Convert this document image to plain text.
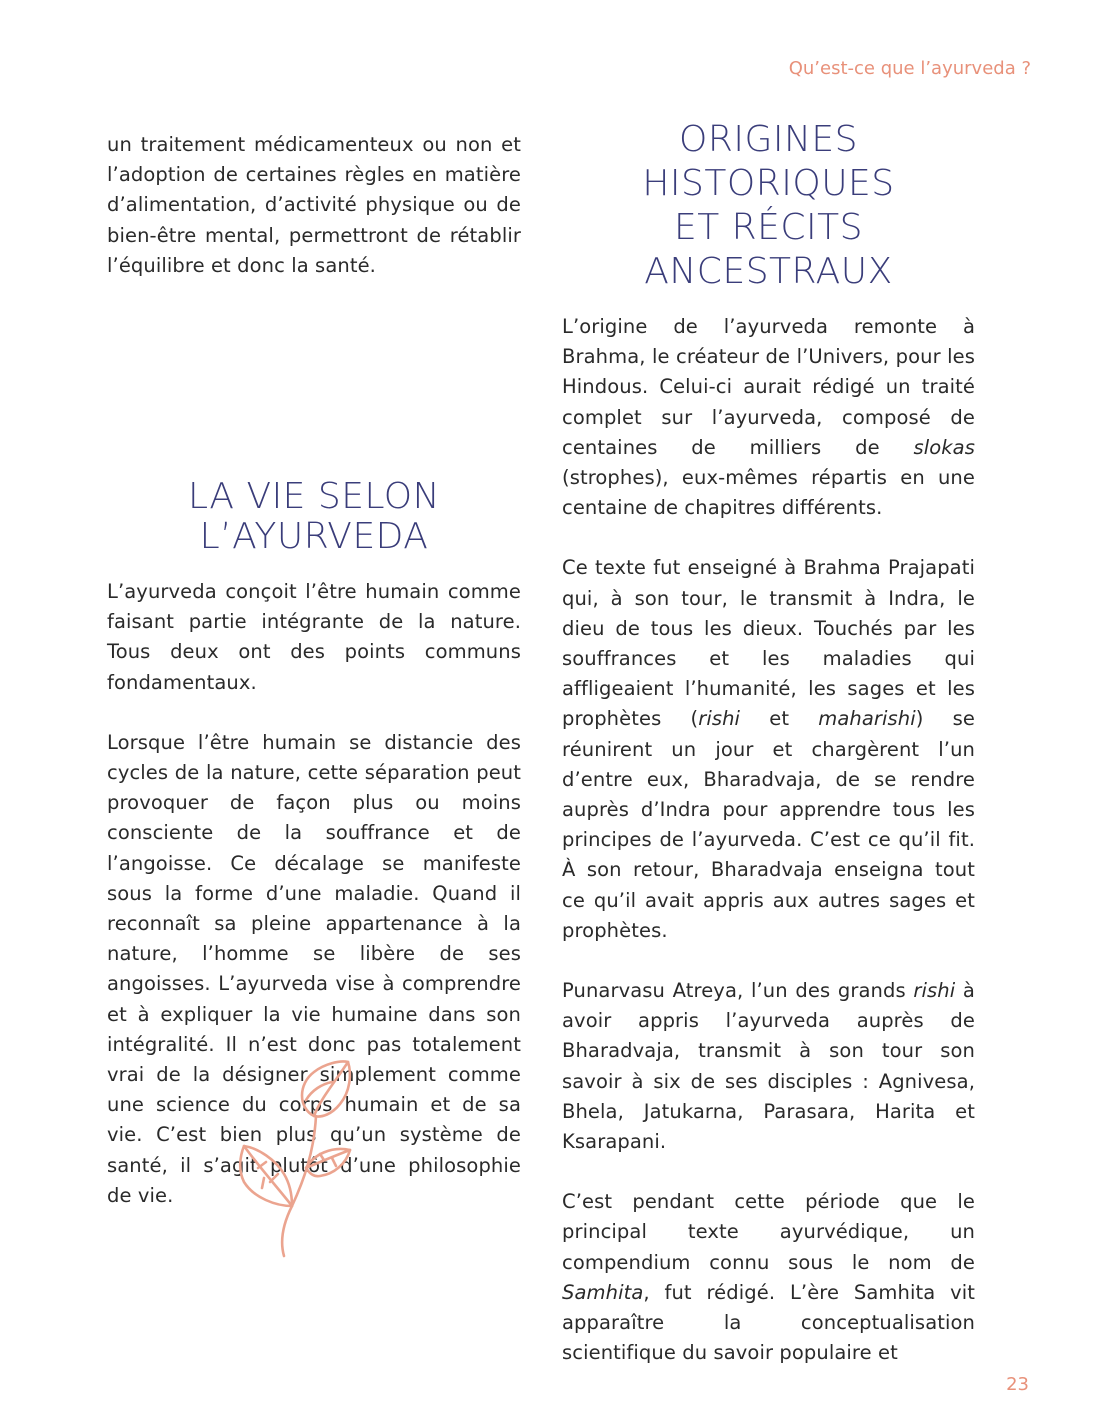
Qu’est-ce que l’ayurveda ?

un traitement médicamenteux ou non et l’adoption de certaines règles en matière d’alimentation, d’activité physique ou de bien-être mental, permettront de rétablir l’équilibre et donc la santé.

LA VIE SELON
L’AYURVEDA

L’ayurveda conçoit l’être humain comme faisant partie intégrante de la nature. Tous deux ont des points communs fondamentaux.

Lorsque l’être humain se distancie des cycles de la nature, cette séparation peut provoquer de façon plus ou moins consciente de la souffrance et de l’angoisse. Ce décalage se manifeste sous la forme d’une maladie. Quand il reconnaît sa pleine appartenance à la nature, l’homme se libère de ses angoisses. L’ayurveda vise à comprendre et à expliquer la vie humaine dans son intégralité. Il n’est donc pas totalement vrai de la désigner simplement comme une science du corps humain et de sa vie. C’est bien plus qu’un système de santé, il s’agit plutôt d’une philosophie de vie.

ORIGINES
HISTORIQUES
ET RÉCITS
ANCESTRAUX

L’origine de l’ayurveda remonte à Brahma, le créateur de l’Univers, pour les Hindous. Celui-ci aurait rédigé un traité complet sur l’ayurveda, composé de centaines de milliers de slokas (strophes), eux-mêmes répartis en une centaine de chapitres différents.

Ce texte fut enseigné à Brahma Prajapati qui, à son tour, le transmit à Indra, le dieu de tous les dieux. Touchés par les souffrances et les maladies qui affligeaient l’humanité, les sages et les prophètes (rishi et maharishi) se réunirent un jour et chargèrent l’un d’entre eux, Bharadvaja, de se rendre auprès d’Indra pour apprendre tous les principes de l’ayurveda. C’est ce qu’il fit. À son retour, Bharadvaja enseigna tout ce qu’il avait appris aux autres sages et prophètes.

Punarvasu Atreya, l’un des grands rishi à avoir appris l’ayurveda auprès de Bharadvaja, transmit à son tour son savoir à six de ses disciples : Agnivesa, Bhela, Jatukarna, Parasara, Harita et Ksarapani.

C’est pendant cette période que le principal texte ayurvédique, un compendium connu sous le nom de Samhita, fut rédigé. L’ère Samhita vit apparaître la conceptualisation scientifique du savoir populaire et

23
